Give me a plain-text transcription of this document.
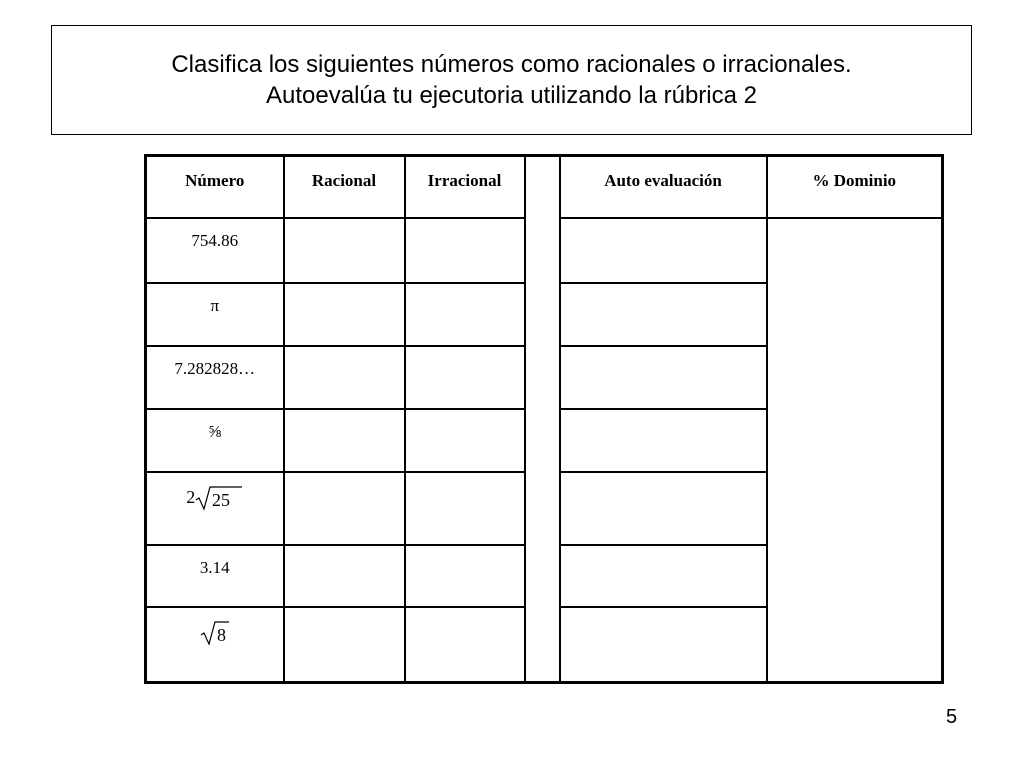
Clasifica los siguientes números como racionales o irracionales.
Autoevalúa tu ejecutoria utilizando la rúbrica 2
Número	Racional	Irracional		Auto evaluación	% Dominio
754.86					
π					
7.282828…					
⅝					

2 25					

3.14					

8					

5
